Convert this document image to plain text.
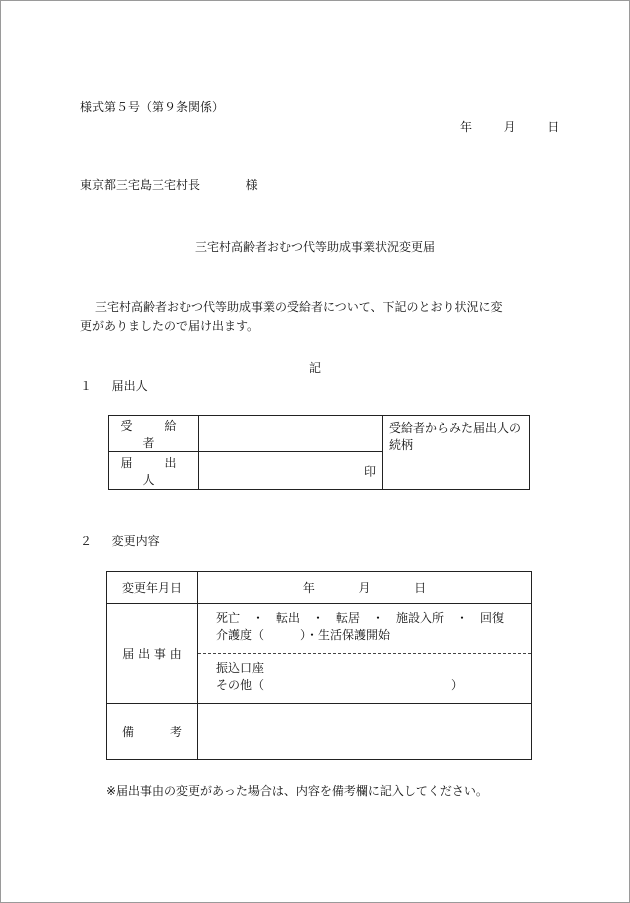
様式第５号（第９条関係）
年	月	日
東京都三宅島三宅村長	様
三宅村高齢者おむつ代等助成事業状況変更届
三宅村高齢者おむつ代等助成事業の受給者について、下記のとおり状況に変
更がありましたので届け出ます。
記
１ 届出人
受　給　者		受給者からみた届出人の続柄
届　出　人	印	
２ 変更内容
変更年月日	年 月 日
届 出 事 由	死亡　・　転出　・　転居　・　施設入所　・　回復
介護度（　　　）・生活保護開始
振込口座
その他（ ）

備　　　考	
※届出事由の変更があった場合は、内容を備考欄に記入してください。
